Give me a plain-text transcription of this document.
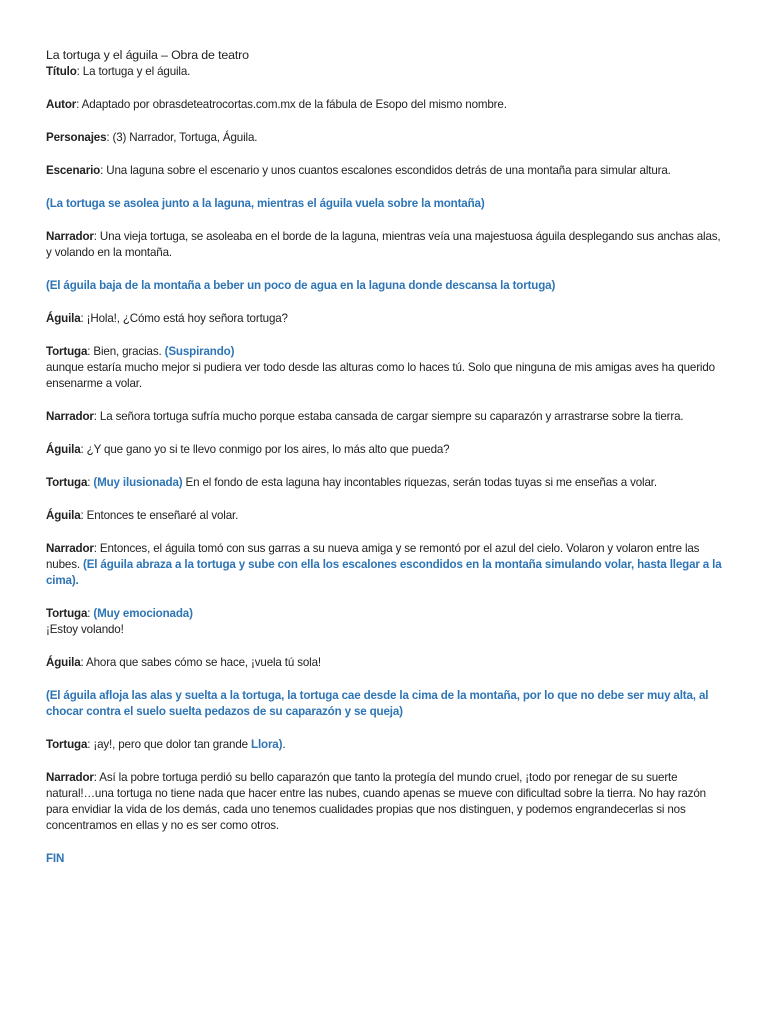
La tortuga y el águila – Obra de teatro

Título: La tortuga y el águila.

Autor: Adaptado por obrasdeteatrocortas.com.mx de la fábula de Esopo del mismo nombre.

Personajes: (3) Narrador, Tortuga, Águila.

Escenario: Una laguna sobre el escenario y unos cuantos escalones escondidos detrás de una montaña para simular altura.

(La tortuga se asolea junto a la laguna, mientras el águila vuela sobre la montaña)

Narrador: Una vieja tortuga, se asoleaba en el borde de la laguna, mientras veía una majestuosa águila desplegando sus anchas alas, y volando en la montaña.

(El águila baja de la montaña a beber un poco de agua en la laguna donde descansa la tortuga)

Águila: ¡Hola!, ¿Cómo está hoy señora tortuga?

Tortuga: Bien, gracias. (Suspirando)
aunque estaría mucho mejor si pudiera ver todo desde las alturas como lo haces tú. Solo que ninguna de mis amigas aves ha querido ensenarme a volar.

Narrador: La señora tortuga sufría mucho porque estaba cansada de cargar siempre su caparazón y arrastrarse sobre la tierra.

Águila: ¿Y que gano yo si te llevo conmigo por los aires, lo más alto que pueda?

Tortuga: (Muy ilusionada) En el fondo de esta laguna hay incontables riquezas, serán todas tuyas si me enseñas a volar.

Águila: Entonces te enseñaré al volar.

Narrador: Entonces, el águila tomó con sus garras a su nueva amiga y se remontó por el azul del cielo. Volaron y volaron entre las nubes. (El águila abraza a la tortuga y sube con ella los escalones escondidos en la montaña simulando volar, hasta llegar a la cima).

Tortuga: (Muy emocionada)
¡Estoy volando!

Águila: Ahora que sabes cómo se hace, ¡vuela tú sola!

(El águila afloja las alas y suelta a la tortuga, la tortuga cae desde la cima de la montaña, por lo que no debe ser muy alta, al chocar contra el suelo suelta pedazos de su caparazón y se queja)

Tortuga: ¡ay!, pero que dolor tan grande Llora).

Narrador: Así la pobre tortuga perdió su bello caparazón que tanto la protegía del mundo cruel, ¡todo por renegar de su suerte natural!…una tortuga no tiene nada que hacer entre las nubes, cuando apenas se mueve con dificultad sobre la tierra. No hay razón para envidiar la vida de los demás, cada uno tenemos cualidades propias que nos distinguen, y podemos engrandecerlas si nos concentramos en ellas y no es ser como otros.

FIN
